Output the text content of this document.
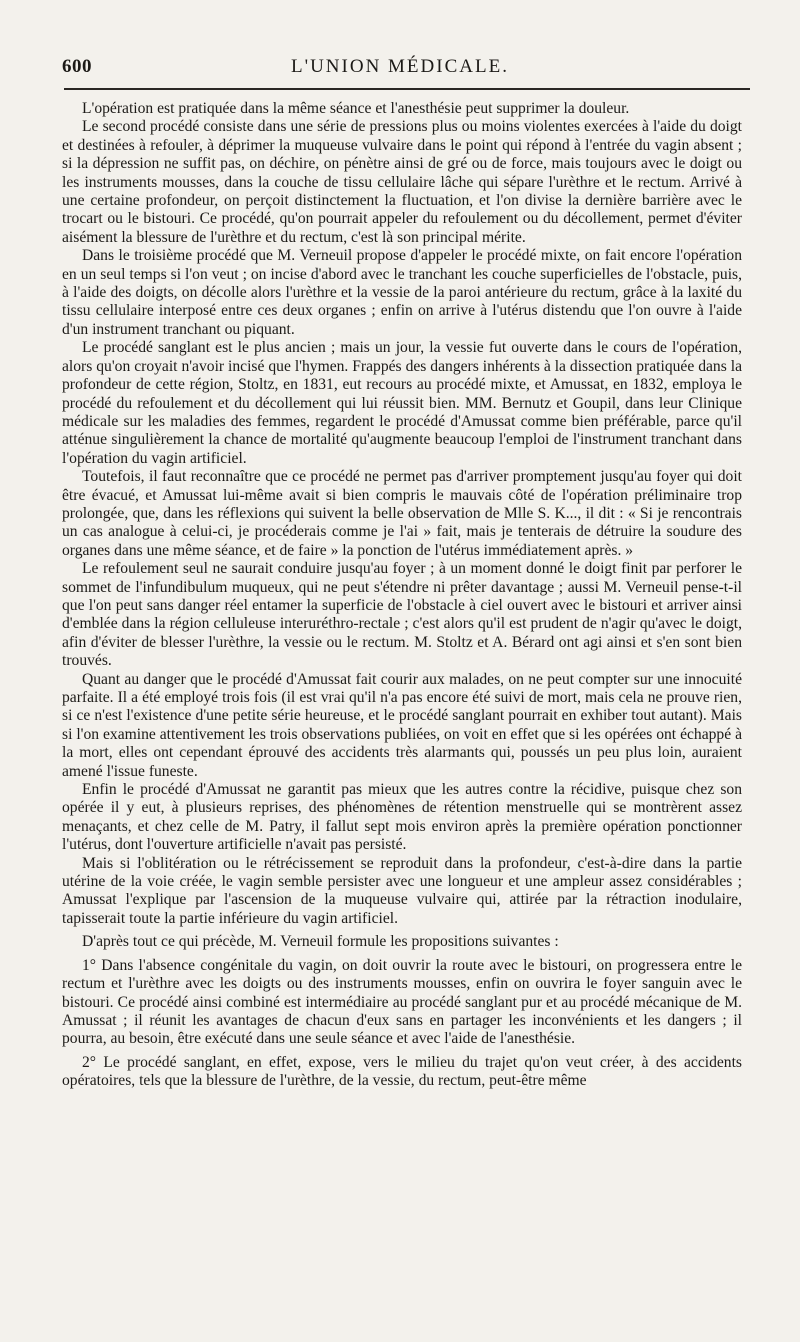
600	L'UNION MÉDICALE.

L'opération est pratiquée dans la même séance et l'anesthésie peut supprimer la douleur.

Le second procédé consiste dans une série de pressions plus ou moins violentes exercées à l'aide du doigt et destinées à refouler, à déprimer la muqueuse vulvaire dans le point qui répond à l'entrée du vagin absent ; si la dépression ne suffit pas, on déchire, on pénètre ainsi de gré ou de force, mais toujours avec le doigt ou les instruments mousses, dans la couche de tissu cellulaire lâche qui sépare l'urèthre et le rectum. Arrivé à une certaine profondeur, on perçoit distinctement la fluctuation, et l'on divise la dernière barrière avec le trocart ou le bistouri. Ce procédé, qu'on pourrait appeler du refoulement ou du décollement, permet d'éviter aisément la blessure de l'urèthre et du rectum, c'est là son principal mérite.

Dans le troisième procédé que M. Verneuil propose d'appeler le procédé mixte, on fait encore l'opération en un seul temps si l'on veut ; on incise d'abord avec le tranchant les couche superficielles de l'obstacle, puis, à l'aide des doigts, on décolle alors l'urèthre et la vessie de la paroi antérieure du rectum, grâce à la laxité du tissu cellulaire interposé entre ces deux organes ; enfin on arrive à l'utérus distendu que l'on ouvre à l'aide d'un instrument tranchant ou piquant.

Le procédé sanglant est le plus ancien ; mais un jour, la vessie fut ouverte dans le cours de l'opération, alors qu'on croyait n'avoir incisé que l'hymen. Frappés des dangers inhérents à la dissection pratiquée dans la profondeur de cette région, Stoltz, en 1831, eut recours au procédé mixte, et Amussat, en 1832, employa le procédé du refoulement et du décollement qui lui réussit bien. MM. Bernutz et Goupil, dans leur Clinique médicale sur les maladies des femmes, regardent le procédé d'Amussat comme bien préférable, parce qu'il atténue singulièrement la chance de mortalité qu'augmente beaucoup l'emploi de l'instrument tranchant dans l'opération du vagin artificiel.

Toutefois, il faut reconnaître que ce procédé ne permet pas d'arriver promptement jusqu'au foyer qui doit être évacué, et Amussat lui-même avait si bien compris le mauvais côté de l'opération préliminaire trop prolongée, que, dans les réflexions qui suivent la belle observation de Mlle S. K..., il dit : « Si je rencontrais un cas analogue à celui-ci, je procéderais comme je l'ai » fait, mais je tenterais de détruire la soudure des organes dans une même séance, et de faire » la ponction de l'utérus immédiatement après. »

Le refoulement seul ne saurait conduire jusqu'au foyer ; à un moment donné le doigt finit par perforer le sommet de l'infundibulum muqueux, qui ne peut s'étendre ni prêter davantage ; aussi M. Verneuil pense-t-il que l'on peut sans danger réel entamer la superficie de l'obstacle à ciel ouvert avec le bistouri et arriver ainsi d'emblée dans la région celluleuse interuréthro-rectale ; c'est alors qu'il est prudent de n'agir qu'avec le doigt, afin d'éviter de blesser l'urèthre, la vessie ou le rectum. M. Stoltz et A. Bérard ont agi ainsi et s'en sont bien trouvés.

Quant au danger que le procédé d'Amussat fait courir aux malades, on ne peut compter sur une innocuité parfaite. Il a été employé trois fois (il est vrai qu'il n'a pas encore été suivi de mort, mais cela ne prouve rien, si ce n'est l'existence d'une petite série heureuse, et le procédé sanglant pourrait en exhiber tout autant). Mais si l'on examine attentivement les trois observations publiées, on voit en effet que si les opérées ont échappé à la mort, elles ont cependant éprouvé des accidents très alarmants qui, poussés un peu plus loin, auraient amené l'issue funeste.

Enfin le procédé d'Amussat ne garantit pas mieux que les autres contre la récidive, puisque chez son opérée il y eut, à plusieurs reprises, des phénomènes de rétention menstruelle qui se montrèrent assez menaçants, et chez celle de M. Patry, il fallut sept mois environ après la première opération ponctionner l'utérus, dont l'ouverture artificielle n'avait pas persisté.

Mais si l'oblitération ou le rétrécissement se reproduit dans la profondeur, c'est-à-dire dans la partie utérine de la voie créée, le vagin semble persister avec une longueur et une ampleur assez considérables ; Amussat l'explique par l'ascension de la muqueuse vulvaire qui, attirée par la rétraction inodulaire, tapisserait toute la partie inférieure du vagin artificiel.

D'après tout ce qui précède, M. Verneuil formule les propositions suivantes :

1° Dans l'absence congénitale du vagin, on doit ouvrir la route avec le bistouri, on progressera entre le rectum et l'urèthre avec les doigts ou des instruments mousses, enfin on ouvrira le foyer sanguin avec le bistouri. Ce procédé ainsi combiné est intermédiaire au procédé sanglant pur et au procédé mécanique de M. Amussat ; il réunit les avantages de chacun d'eux sans en partager les inconvénients et les dangers ; il pourra, au besoin, être exécuté dans une seule séance et avec l'aide de l'anesthésie.

2° Le procédé sanglant, en effet, expose, vers le milieu du trajet qu'on veut créer, à des accidents opératoires, tels que la blessure de l'urèthre, de la vessie, du rectum, peut-être même
